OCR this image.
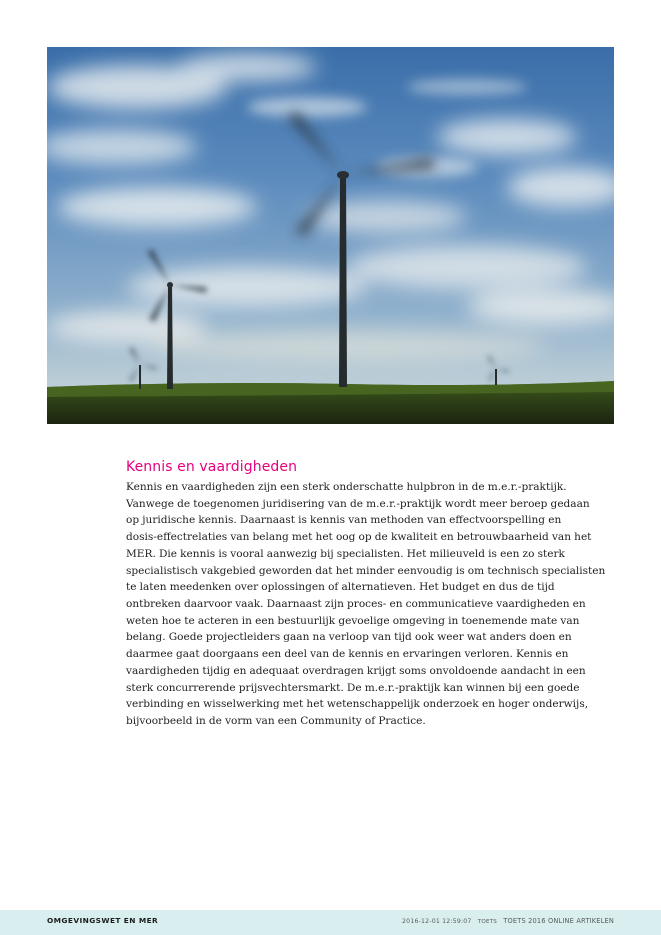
Kennis en vaardigheden

Kennis en vaardigheden zijn een sterk onderschatte hulpbron in de m.e.r.-praktijk.
Vanwege de toegenomen juridisering van de m.e.r.-praktijk wordt meer beroep gedaan
op juridische kennis. Daarnaast is kennis van methoden van effectvoorspelling en
dosis-effectrelaties van belang met het oog op de kwaliteit en betrouwbaarheid van het
MER. Die kennis is vooral aanwezig bij specialisten. Het milieuveld is een zo sterk
specialistisch vakgebied geworden dat het minder eenvoudig is om technisch specialisten
te laten meedenken over oplossingen of alternatieven. Het budget en dus de tijd
ontbreken daarvoor vaak. Daarnaast zijn proces- en communicatieve vaardigheden en
weten hoe te acteren in een bestuurlijk gevoelige omgeving in toenemende mate van
belang. Goede projectleiders gaan na verloop van tijd ook weer wat anders doen en
daarmee gaat doorgaans een deel van de kennis en ervaringen verloren. Kennis en
vaardigheden tijdig en adequaat overdragen krijgt soms onvoldoende aandacht in een
sterk concurrerende prijsvechtersmarkt. De m.e.r.-praktijk kan winnen bij een goede
verbinding en wisselwerking met het wetenschappelijk onderzoek en hoger onderwijs,
bijvoorbeeld in de vorm van een Community of Practice.

OMGEVINGSWET EN MER	2016-12-01 12:59:07 TOETS TOETS 2016 ONLINE ARTIKELEN
